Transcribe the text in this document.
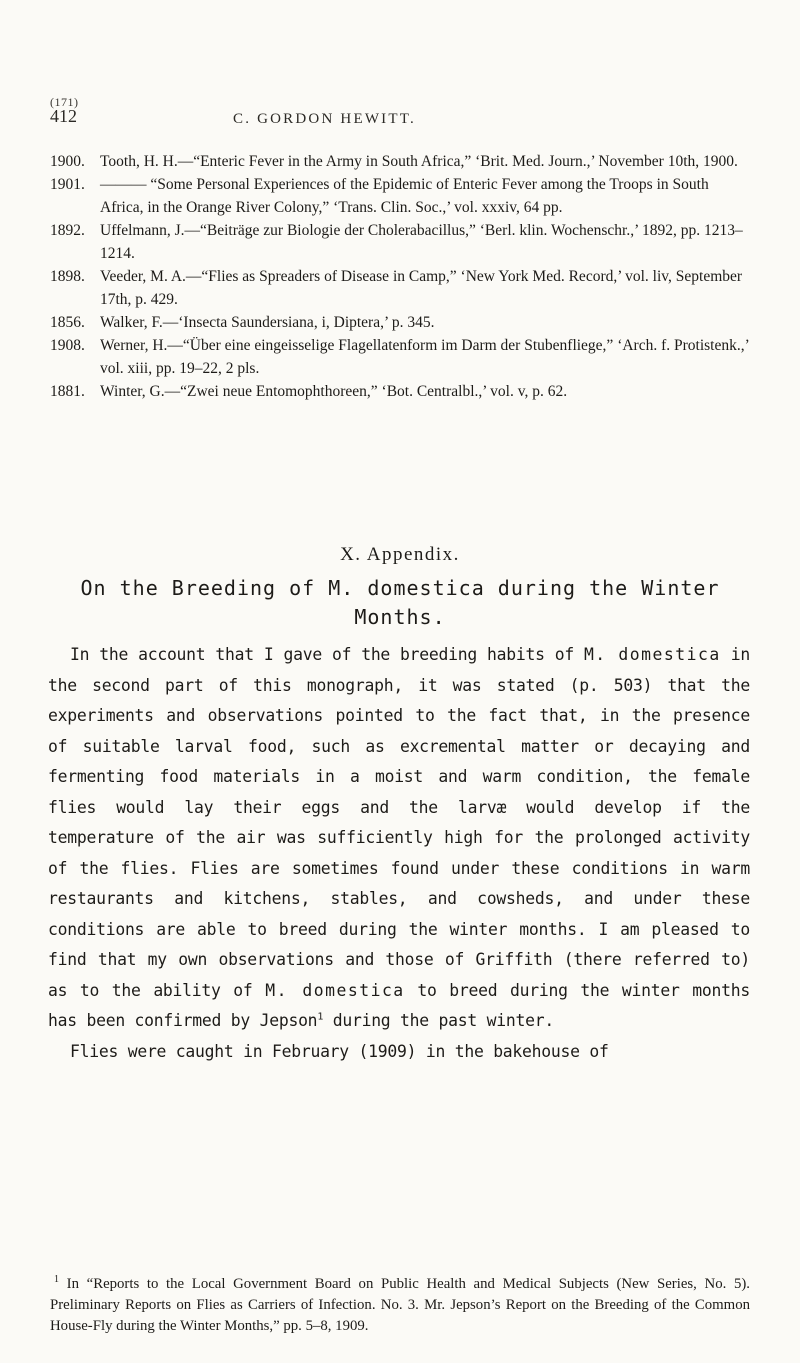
(171)
412	C. GORDON HEWITT.
1900. Tooth, H. H.—“Enteric Fever in the Army in South Africa,” ‘Brit. Med. Journ.,’ November 10th, 1900.
1901. ——— “Some Personal Experiences of the Epidemic of Enteric Fever among the Troops in South Africa, in the Orange River Colony,” ‘Trans. Clin. Soc.,’ vol. xxxiv, 64 pp.
1892. Uffelmann, J.—“Beiträge zur Biologie der Cholerabacillus,” ‘Berl. klin. Wochenschr.,’ 1892, pp. 1213–1214.
1898. Veeder, M. A.—“Flies as Spreaders of Disease in Camp,” ‘New York Med. Record,’ vol. liv, September 17th, p. 429.
1856. Walker, F.—‘Insecta Saundersiana, i, Diptera,’ p. 345.
1908. Werner, H.—“Über eine eingeisselige Flagellatenform im Darm der Stubenfliege,” ‘Arch. f. Protistenk.,’ vol. xiii, pp. 19–22, 2 pls.
1881. Winter, G.—“Zwei neue Entomophthoreen,” ‘Bot. Centralbl.,’ vol. v, p. 62.
X. Appendix.
On the Breeding of M. domestica during the Winter Months.

In the account that I gave of the breeding habits of M. domestica in the second part of this monograph, it was stated (p. 503) that the experiments and observations pointed to the fact that, in the presence of suitable larval food, such as excremental matter or decaying and fermenting food materials in a moist and warm condition, the female flies would lay their eggs and the larvæ would develop if the temperature of the air was sufficiently high for the prolonged activity of the flies. Flies are sometimes found under these conditions in warm restaurants and kitchens, stables, and cowsheds, and under these conditions are able to breed during the winter months. I am pleased to find that my own observations and those of Griffith (there referred to) as to the ability of M. domestica to breed during the winter months has been confirmed by Jepson$^1$ during the past winter.

Flies were caught in February (1909) in the bakehouse of

$^1$ In “Reports to the Local Government Board on Public Health and Medical Subjects (New Series, No. 5). Preliminary Reports on Flies as Carriers of Infection. No. 3. Mr. Jepson’s Report on the Breeding of the Common House-Fly during the Winter Months,” pp. 5–8, 1909.
